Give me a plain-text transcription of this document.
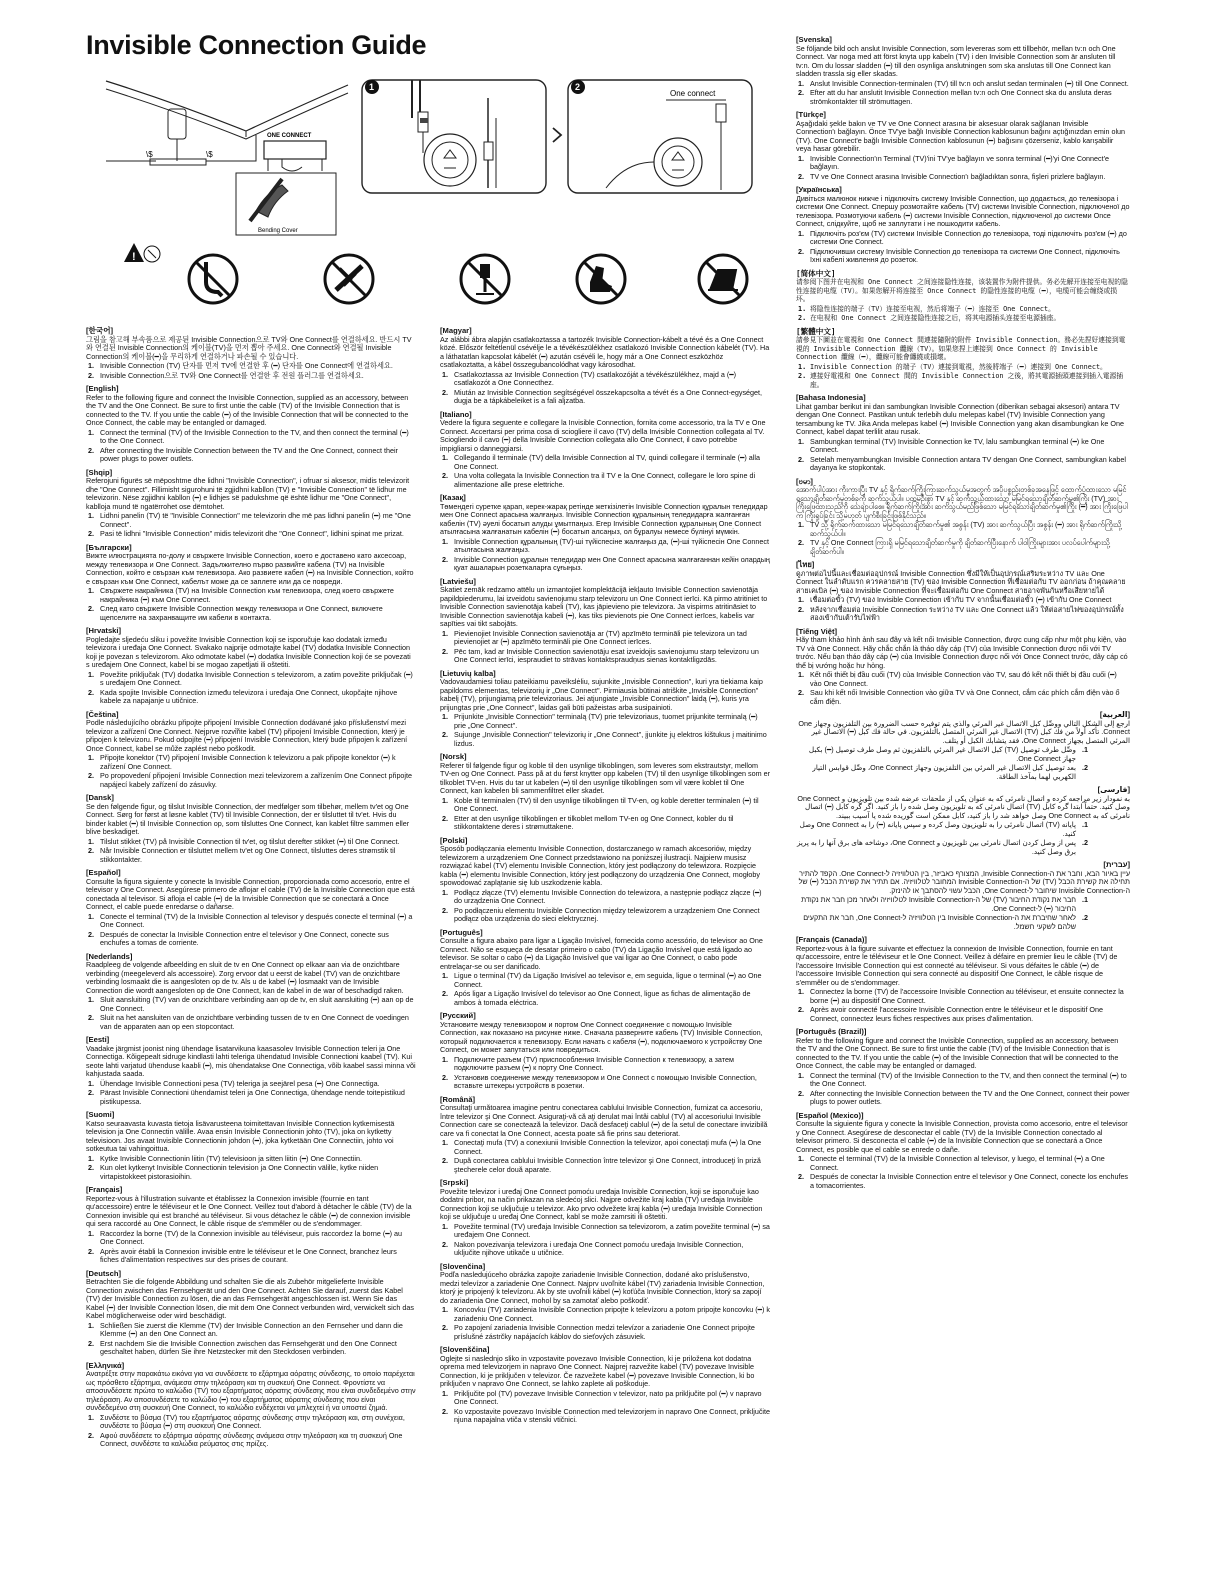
Invisible Connection Guide
\$	\$
ONE CONNECT
Bending Cover
1	2
One connect
!
[한국어]

그림을 참고해 부속품으로 제공된 Invisible Connection으로 TV와 One Connect를 연결하세요. 반드시 TV와 연결된 Invisible Connection의 케이블(TV)을 먼저 뽑아 주세요. One Connect와 연결될 Invisible Connection의 케이블(━)을 무리하게 연결하거나 파손될 수 있습니다.

1. Invisible Connection (TV) 단자를 먼저 TV에 연결한 후 (━) 단자를 One Connect에 연결하세요.
2. Invisible Connection으로 TV와 One Connect를 연결한 후 전원 플러그를 연결하세요.
[English]

Refer to the following figure and connect the Invisible Connection, supplied as an accessory, between the TV and the One Connect. Be sure to first untie the cable (TV) of the Invisible Connection that is connected to the TV. If you untie the cable (━) of the Invisible Connection that will be connected to the Once Connect, the cable may be entangled or damaged.

1. Connect the terminal (TV) of the Invisible Connection to the TV, and then connect the terminal (━) to the One Connect.
2. After connecting the Invisible Connection between the TV and the One Connect, connect their power plugs to power outlets.
[Shqip]

Referojuni figurës së mëposhtme dhe lidhni "Invisible Connection", i ofruar si aksesor, midis televizorit dhe "One Connect". Fillimisht sigurohuni të zgjidhni kabllon (TV) e "Invisible Connection" të lidhur me televizorin. Nëse zgjidhni kabllon (━) e lidhjes së padukshme që është lidhur me "One Connect", kablloja mund të ngatërrohet ose dëmtohet.

1. Lidhni panelin (TV) të "Invisible Connection" me televizorin dhe më pas lidhni panelin (━) me "One Connect".
2. Pasi të lidhni "Invisible Connection" midis televizorit dhe "One Connect", lidhini spinat me prizat.
[Български]

Вижте илюстрацията по-долу и свържете Invisible Connection, което е доставено като аксесоар, между телевизора и One Connect. Задължително първо развийте кабела (TV) на Invisible Connection, който е свързан към телевизора. Ако развиете кабел (━) на Invisible Connection, който е свързан към One Connect, кабелът може да се заплете или да се повреди.

1. Свържете накрайника (TV) на Invisible Connection към телевизора, след което свържете накрайника (━) към One Connect.
2. След като свържете Invisible Connection между телевизора и One Connect, включете щепселите на захранващите им кабели в контакта.
[Hrvatski]

Pogledajte sljedeću sliku i povežite Invisible Connection koji se isporučuje kao dodatak između televizora i uređaja One Connect. Svakako najprije odmotajte kabel (TV) dodatka Invisible Connection koji je povezan s televizorom. Ako odmotate kabel (━) dodatka Invisible Connection koji će se povezati s uređajem One Connect, kabel bi se mogao zapetljati ili oštetiti.

1. Povežite priključak (TV) dodatka Invisible Connection s televizorom, a zatim povežite priključak (━) s uređajem One Connect.
2. Kada spojite Invisible Connection između televizora i uređaja One Connect, ukopčajte njihove kabele za napajanje u utičnice.
[Čeština]

Podle následujícího obrázku připojte připojení Invisible Connection dodávané jako příslušenství mezi televizor a zařízení One Connect. Nejprve rozvi̇̃ňte kabel (TV) připojení Invisible Connection, který je připojen k televizoru. Pokud odpojíte (━) připojení Invisible Connection, který bude připojen k zařízení Once Connect, kabel se může zaplést nebo poškodit.

1. Připojte konektor (TV) připojení Invisible Connection k televizoru a pak připojte konektor (━) k zařízení One Connect.
2. Po propovedení připojení Invisible Connection mezi televizorem a zařízením One Connect připojte napájecí kabely zařízení do zásuvky.
[Dansk]

Se den følgende figur, og tilslut Invisible Connection, der medfølger som tilbehør, mellem tv'et og One Connect. Sørg for først at løsne kablet (TV) til Invisible Connection, der er tilsluttet til tv'et. Hvis du binder kablet (━) til Invisible Connection op, som tilsluttes One Connect, kan kablet filtre sammen eller blive beskadiget.

1. Tilslut stikket (TV) på Invisible Connection til tv'et, og tilslut derefter stikket (━) til One Connect.
2. Når Invisible Connection er tilsluttet mellem tv'et og One Connect, tilsluttes deres strømstik til stikkontakter.
[Español]

Consulte la figura siguiente y conecte la Invisible Connection, proporcionada como accesorio, entre el televisor y One Connect. Asegúrese primero de aflojar el cable (TV) de la Invisible Connection que está conectada al televisor. Si afloja el cable (━) de la Invisible Connection que se conectará a Once Connect, el cable puede enredarse o dañarse.

1. Conecte el terminal (TV) de la Invisible Connection al televisor y después conecte el terminal (━) a One Connect.
2. Después de conectar la Invisible Connection entre el televisor y One Connect, conecte sus enchufes a tomas de corriente.
[Nederlands]

Raadpleeg de volgende afbeelding en sluit de tv en One Connect op elkaar aan via de onzichtbare verbinding (meegeleverd als accessoire). Zorg ervoor dat u eerst de kabel (TV) van de onzichtbare verbinding losmaakt die is aangesloten op de tv. Als u de kabel (━) losmaakt van de Invisible Connection die wordt aangesloten op de One Connect, kan de kabel in de war of beschadigd raken.

1. Sluit aansluiting (TV) van de onzichtbare verbinding aan op de tv, en sluit aansluiting (━) aan op de One Connect.
2. Sluit na het aansluiten van de onzichtbare verbinding tussen de tv en One Connect de voedingen van de apparaten aan op een stopcontact.
[Eesti]

Vaadake järgmist joonist ning ühendage lisatarvikuna kaasasolev Invisible Connection teleri ja One Connectiga. Kõigepealt sidruge kindlasti lahti teleriga ühendatud Invisible Connectioni kaabel (TV). Kui seote lahti varjatud ühenduse kaabli (━), mis ühendatakse One Connectiga, võib kaabel sassi minna või kahjustada saada.

1. Ühendage Invisible Connectioni pesa (TV) teleriga ja seejärel pesa (━) One Connectiga.
2. Pärast Invisible Connectioni ühendamist teleri ja One Connectiga, ühendage nende toitepistikud pistikupessa.
[Suomi]

Katso seuraavasta kuvasta tietoja lisävarusteena toimitettavan Invisible Connection kytkemisestä television ja One Connectin välille. Avaa ensin Invisible Connectionin johto (TV), joka on kytketty televisioon. Jos avaat Invisible Connectionin johdon (━), joka kytketään One Connectiin, johto voi sotkeutua tai vahingoittua.

1. Kytke Invisible Connectionin liitin (TV) televisioon ja sitten liitin (━) One Connectiin.
2. Kun olet kytkenyt Invisible Connectionin television ja One Connectin välille, kytke niiden virtapistokkeet pistorasioihin.
[Français]

Reportez-vous à l'illustration suivante et établissez la Connexion invisible (fournie en tant qu'accessoire) entre le téléviseur et le One Connect. Veillez tout d'abord à détacher le câble (TV) de la Connexion invisible qui est branché au téléviseur. Si vous détachez le câble (━) de connexion invisible qui sera raccordé au One Connect, le câble risque de s'emmêler ou de s'endommager.

1. Raccordez la borne (TV) de la Connexion invisible au téléviseur, puis raccordez la borne (━) au One Connect.
2. Après avoir établi la Connexion invisible entre le téléviseur et le One Connect, branchez leurs fiches d'alimentation respectives sur des prises de courant.
[Deutsch]

Betrachten Sie die folgende Abbildung und schalten Sie die als Zubehör mitgelieferte Invisible Connection zwischen das Fernsehgerät und den One Connect. Achten Sie darauf, zuerst das Kabel (TV) der Invisible Connection zu lösen, die an das Fernsehgerät angeschlossen ist. Wenn Sie das Kabel (━) der Invisible Connection lösen, die mit dem One Connect verbunden wird, verwickelt sich das Kabel möglicherweise oder wird beschädigt.

1. Schließen Sie zuerst die Klemme (TV) der Invisible Connection an den Fernseher und dann die Klemme (━) an den One Connect an.
2. Erst nachdem Sie die Invisible Connection zwischen das Fernsehgerät und den One Connect geschaltet haben, dürfen Sie ihre Netzstecker mit den Steckdosen verbinden.
[Ελληνικά]

Ανατρέξτε στην παρακάτω εικόνα για να συνδέσετε το εξάρτημα αόρατης σύνδεσης, το οποίο παρέχεται ως πρόσθετο εξάρτημα, ανάμεσα στην τηλεόραση και τη συσκευή One Connect. Φροντίστε να αποσυνδέσετε πρώτα το καλώδιο (TV) του εξαρτήματος αόρατης σύνδεσης που είναι συνδεδεμένο στην τηλεόραση. Αν αποσυνδέσετε το καλώδιο (━) του εξαρτήματος αόρατης σύνδεσης που είναι συνδεδεμένο στη συσκευή One Connect, το καλώδιο ενδέχεται να μπλεχτεί ή να υποστεί ζημιά.

1. Συνδέστε το βύσμα (TV) του εξαρτήματος αόρατης σύνδεσης στην τηλεόραση και, στη συνέχεια, συνδέστε το βύσμα (━) στη συσκευή One Connect.
2. Αφού συνδέσετε το εξάρτημα αόρατης σύνδεσης ανάμεσα στην τηλεόραση και τη συσκευή One Connect, συνδέστε τα καλώδια ρεύματος στις πρίζες.
[Magyar]

Az alábbi ábra alapján csatlakoztassa a tartozék Invisible Connection-kábelt a tévé és a One Connect közé. Először feltétlenül csévélje le a tévékészülékhez csatlakozó Invisible Connection kábelét (TV). Ha a láthatatlan kapcsolat kábelét (━) azután csévéli le, hogy már a One Connect eszközhöz csatlakoztatta, a kábel összegubancolódhat vagy károsodhat.

1. Csatlakoztassa az Invisible Connection (TV) csatlakozóját a tévékészülékhez, majd a (━) csatlakozót a One Connecthez.
2. Miután az Invisible Connection segítségével összekapcsolta a tévét és a One Connect-egységet, dugja be a tápkábeleiket is a fali aljzatba.
[Italiano]

Vedere la figura seguente e collegare la Invisible Connection, fornita come accessorio, tra la TV e One Connect. Accertarsi per prima cosa di sciogliere il cavo (TV) della Invisible Connection collegata al TV. Sciogliendo il cavo (━) della Invisible Connection collegata allo One Connect, il cavo potrebbe impigliarsi o danneggiarsi.

1. Collegando il terminale (TV) della Invisible Connection al TV, quindi collegare il terminale (━) alla One Connect.
2. Una volta collegata la Invisible Connection tra il TV e la One Connect, collegare le loro spine di alimentazione alle prese elettriche.
[Казақ]

Төмендегі суретке қарап, керек-жарақ ретінде жеткізілетін Invisible Connection құралын теледидар мен One Connect арасына жалғаңыз. Invisible Connection құралының теледидарға жалғанған кабелін (TV) әуелі босатып алуды ұмытпаңыз. Егер Invisible Connection құралының One Connect атылғасына жалғанатын кабелін (━) босатып алсаңыз, ол бұралуы немесе бүлінуі мүмкін.

1. Invisible Connection құралының (TV)-ші түйіспесіне жалғаңыз да, (━)-ші түйіспесін One Connect атылғасына жалғаңыз.
2. Invisible Connection құралын теледидар мен One Connect арасына жалғағаннан кейін олардың қуат ашаларын розеткаларға сұғыңыз.
[Latviešu]

Skatiet zemāk redzamo attēlu un izmantojiet komplektācijā iekļauto Invisible Connection savienotāja papildpiederumu, lai izveidotu savienojumu starp televizoru un One Connect ierīci. Kā pirmo atritiniet to Invisible Connection savienotāja kabeli (TV), kas jāpievieno pie televizora. Ja vispirms atritināsiet to Invisible Connection savienotāja kabeli (━), kas tiks pievienots pie One Connect ierīces, kabelis var sapīties vai tikt sabojāts.

1. Pievienojiet Invisible Connection savienotāja ar (TV) apzīmēto termināli pie televizora un tad pievienojiet ar (━) apzīmēto termināli pie One Connect ierīces.
2. Pēc tam, kad ar Invisible Connection savienotāju esat izveidojis savienojumu starp televizoru un One Connect ierīci, iespraudiet to strāvas kontaktspraudņus sienas kontaktligzdās.
[Lietuvių kalba]

Vadovaudamiesi toliau pateikiamu paveikslėliu, sujunkite „Invisible Connection", kuri yra tiekiama kaip papildoms elementas, televizorių ir „One Connect". Pirmiausia būtinai atriškite „Invisible Connection" kabelį (TV), prijungiamą prie televizoriaus. Jei atjungiate „Invisible Connection" laidą (━), kuris yra prijungtas prie „One Connect", laidas gali būti pažeistas arba susipainioti.

1. Prijunkite „Invisible Connection" terminalą (TV) prie televizoriaus, tuomet prijunkite terminalą (━) prie „One Connect".
2. Sujunge „Invisible Connection" televizorių ir „One Connect", įjunkite jų elektros kištukus į maitinimo lizdus.
[Norsk]

Referer til følgende figur og koble til den usynlige tilkoblingen, som leveres som ekstrautstyr, mellom TV-en og One Connect. Pass på at du først knytter opp kabelen (TV) til den usynlige tilkoblingen som er tilkoblet TV-en. Hvis du tar ut kabelen (━) til den usynlige tilkoblingen som vil være koblet til One Connect, kan kabelen bli sammenfiltret eller skadet.

1. Koble til terminalen (TV) til den usynlige tilkoblingen til TV-en, og koble deretter terminalen (━) til One Connect.
2. Etter at den usynlige tilkoblingen er tilkoblet mellom TV-en og One Connect, kobler du til stikkontaktene deres i strømuttakene.
[Polski]

Sposób podłączania elementu Invisible Connection, dostarczanego w ramach akcesoriów, między telewizorem a urządzeniem One Connect przedstawiono na poniższej ilustracji. Najpierw musisz rozwiązać kabel (TV) elementu Invisible Connection, który jest podłączony do telewizora. Rozpięcie kabla (━) elementu Invisible Connection, który jest podłączony do urządzenia One Connect, mogłoby spowodować zaplątanie się lub uszkodzenie kabla.

1. Podłącz złącze (TV) elementu Invisible Connection do telewizora, a następnie podłącz złącze (━) do urządzenia One Connect.
2. Po podłączeniu elementu Invisible Connection między telewizorem a urządzeniem One Connect podłącz oba urządzenia do sieci elektrycznej.
[Português]

Consulte a figura abaixo para ligar a Ligação Invisível, fornecida como acessório, do televisor ao One Connect. Não se esqueça de desatar primeiro o cabo (TV) da Ligação Invisível que está ligado ao televisor. Se soltar o cabo (━) da Ligação Invisível que vai ligar ao One Connect, o cabo pode entrelaçar-se ou ser danificado.

1. Ligue o terminal (TV) da Ligação Invisível ao televisor e, em seguida, ligue o terminal (━) ao One Connect.
2. Após ligar a Ligação Invisível do televisor ao One Connect, ligue as fichas de alimentação de ambos à tomada eléctrica.
[Русский]

Установите между телевизором и портом One Connect соединение с помощью Invisible Connection, как показано на рисунке ниже. Сначала разверните кабель (TV) Invisible Connection, который подключается к телевизору. Если начать с кабеля (━), подключаемого к устройству One Connect, он может запутаться или повредиться.

1. Подключите разъем (TV) приспособления Invisible Connection к телевизору, а затем подключите разъем (━) к порту One Connect.
2. Установив соединение между телевизором и One Connect с помощью Invisible Connection, вставьте штекеры устройств в розетки.
[Română]

Consultaţi următoarea imagine pentru conectarea cablului Invisible Connection, furnizat ca accesoriu, între televizor şi One Connect. Asiguraţi-vă că aţi derulat mai întâi cablul (TV) al accesoriului Invisible Connection care se conectează la televizor. Dacă desfaceţi cablul (━) de la setul de conectare invizibilă care va fi conectat la One Connect, acesta poate să fie prins sau deteriorat.

1. Conectaţi mufa (TV) a conexiunii Invisible Connection la televizor, apoi conectaţi mufa (━) la One Connect.
2. După conectarea cablului Invisible Connection între televizor şi One Connect, introduceţi în priză ştecherele celor două aparate.
[Srpski]

Povežite televizor i uređaj One Connect pomoću uređaja Invisible Connection, koji se isporučuje kao dodatni pribor, na način prikazan na sledećoj slici. Najpre odvežite kraj kabla (TV) uređaja Invisible Connection koji se uključuje u televizor. Ako prvo odvežete kraj kabla (━) uređaja Invisible Connection koji se uključuje u uređaj One Connect, kabl se može zamrsiti ili oštetiti.

1. Povežite terminal (TV) uređaja Invisible Connection sa televizorom, a zatim povežite terminal (━) sa uređajem One Connect.
2. Nakon povezivanja televizora i uređaja One Connect pomoću uređaja Invisible Connection, uključite njihove utikače u utičnice.
[Slovenčina]

Podľa nasledujúceho obrázka zapojte zariadenie Invisible Connection, dodané ako príslušenstvo, medzi televízor a zariadenie One Connect. Najprv uvoľnite kábel (TV) zariadenia Invisible Connection, ktorý je pripojený k televízoru. Ak by ste uvoľnili kábel (━) koťúča Invisible Connection, ktorý sa zapojí do zariadenia One Connect, mohol by sa zamotať alebo poškodiť.

1. Koncovku (TV) zariadenia Invisible Connection pripojte k televízoru a potom pripojte koncovku (━) k zariadeniu One Connect.
2. Po zapojení zariadenia Invisible Connection medzi televízor a zariadenie One Connect pripojte príslušné zástrčky napájacích káblov do sieťových zásuviek.
[Slovenščina]

Oglejte si naslednjo sliko in vzpostavite povezavo Invisible Connection, ki je priložena kot dodatna oprema med televizorjem in napravo One Connect. Najprej razvežite kabel (TV) povezave Invisible Connection, ki je priključen v televizor. Če razvežete kabel (━) povezave Invisible Connection, ki bo priključen v napravo One Connect, se lahko zaplete ali poškoduje.

1. Priključite pol (TV) povezave Invisible Connection v televizor, nato pa priključite pol (━) v napravo One Connect.
2. Ko vzpostavite povezavo Invisible Connection med televizorjem in napravo One Connect, priključite njuna napajalna vtiča v stenski vtičnici.
[Svenska]

Se följande bild och anslut Invisible Connection, som levereras som ett tillbehör, mellan tv:n och One Connect. Var noga med att först knyta upp kabeln (TV) i den Invisible Connection som är ansluten till tv:n. Om du lossar sladden (━) till den osynliga anslutningen som ska anslutas till One Connect kan sladden trassla sig eller skadas.

1. Anslut Invisible Connection-terminalen (TV) till tv:n och anslut sedan terminalen (━) till One Connect.
2. Efter att du har anslutit Invisible Connection mellan tv:n och One Connect ska du ansluta deras strömkontakter till strömuttagen.
[Türkçe]

Aşağıdaki şekle bakın ve TV ve One Connect arasına bir aksesuar olarak sağlanan Invisible Connection'ı bağlayın. Önce TV'ye bağlı Invisible Connection kablosunun bağını açtığınızdan emin olun (TV). One Connect'e bağlı Invisible Connection kablosunun (━) bağısını çözerseniz, kablo karışabilir veya hasar görebilir.

1. Invisible Connection'ın Terminal (TV)'ini TV'ye bağlayın ve sonra terminal (━)'yi One Connect'e bağlayın.
2. TV ve One Connect arasına Invisible Connection'ı bağladıktan sonra, fişleri prizlere bağlayın.
[Українська]

Дивіться малюнок нижче і підключіть систему Invisible Connection, що додається, до телевізора і системи One Connect. Спершу розмотайте кабель (TV) системи Invisible Connection, підключеної до телевізора. Розмотуючи кабель (━) системи Invisible Connection, підключеної до системи Once Connect, слідкуйте, щоб не заплутати і не пошкодити кабель.

1. Підключіть роз'єм (TV) системи Invisible Connection до телевізора, тоді підключіть роз'єм (━) до системи One Connect.
2. Підключивши систему Invisible Connection до телевізора та системи One Connect, підключіть їхні кабелі живлення до розеток.
[简体中文]

请参阅下图并在电视和 One Connect 之间连接隐性连接，该装置作为附件提供。务必先解开连接至电视的隐性连接的电缆（TV）。如果您解开将连接至 Once Connect 的隐性连接的电缆（━），电缆可能会缠绕或损坏。

1. 将隐性连接的端子（TV）连接至电视，然后将端子（━）连接至 One Connect。
2. 在电视和 One Connect 之间连接隐性连接之后，将其电源插头连接至电源插座。
[繁體中文]

請參見下圖並在電視和 One Connect 間連接隨附的附件 Invisible Connection。務必先捏好連接到電視的 Invisible Connection 纜線（TV）。如果您捏上連接到 Once Connect 的 Invisible Connection 纜線（━），纜線可能會纏繞或損壞。

1. Invisible Connection 的端子（TV）連接到電視，然後將端子（━）連接到 One Connect。
2. 連接好電視和 One Connect 間的 Invisible Connection 之後，將其電源插頭連接到插入電源插座。
[Bahasa Indonesia]

Lihat gambar berikut ini dan sambungkan Invisible Connection (diberikan sebagai aksesori) antara TV dengan One Connect. Pastikan untuk terlebih dulu melepas kabel (TV) Invisible Connection yang tersambung ke TV. Jika Anda melepas kabel (━) Invisible Connection yang akan disambungkan ke One Connect, kabel dapat terlilit atau rusak.

1. Sambungkan terminal (TV) Invisible Connection ke TV, lalu sambungkan terminal (━) ke One Connect.
2. Setelah menyambungkan Invisible Connection antara TV dengan One Connect, sambungkan kabel dayanya ke stopkontak.
[ဗမာ]

အောက်ပါပုံအား ကိုးကားပြီး TV နှင့် ရိုက်ဆက်ကြိုးကြားဆက်သွယ်မှုအတွက် အပိုပစ္စည်းတစ်ခုအနေဖြင့် ထောက်ပံ့ထားသော မမြင်ရသောချိတ်ဆက်မှုတစ်ခုကို ဆက်သွယ်ပါ။ ပထမဦးစွာ TV နှင့် ဆက်သွယ်ထားသော မမြင်ရသောချိတ်ဆက်မှု၏ကြိုး (TV) အား ကြိုးဖြေထားသည်ကို သေချာပါစေ။ ရိုက်ဆက်ကြိုးအား ဆက်သွယ်မည်ဖြစ်သော မမြင်ရသောချိတ်ဆက်မှု၏ကြိုး (━) အား ကြိုးဖြေပါက ကြိုးရှုပ်ခြင်း သို့မဟုတ် ပျက်စီးခြင်းဖြစ်နိုင်သည်။

1. TV သို့ ရိုက်ဆက်ထားသော မမြင်ရသောချိတ်ဆက်မှု၏ အစွန်း (TV) အား ဆက်သွယ်ပြီး အစွန်း (━) အား ရိုက်ဆက်ကြိုးသို့ ဆက်သွယ်ပါ။
2. TV နှင့် One Connect ကြားရှိ မမြင်ရသောချိတ်ဆက်မှုကို ချိတ်ဆက်ပြီးနောက် ပါဝါကြိုးများအား ပလပ်ပေါက်များသို့ ချိတ်ဆက်ပါ။
[ไทย]

ดูภาพต่อไปนี้และเชื่อมต่ออุปกรณ์ Invisible Connection ซึ่งมีให้เป็นอุปกรณ์เสริมระหว่าง TV และ One Connect ในลำดับแรก ควรคลายสาย (TV) ของ Invisible Connection ที่เชื่อมต่อกับ TV ออกก่อน ถ้าคุณคลายสายเคเบิล (━) ของ Invisible Connection ที่จะเชื่อมต่อกับ One Connect สายอาจพันกันหรือเสียหายได้

1. เชื่อมต่อขั้ว (TV) ของ Invisible Connection เข้ากับ TV จากนั้นเชื่อมต่อขั้ว (━) เข้ากับ One Connect
2. หลังจากเชื่อมต่อ Invisible Connection ระหว่าง TV และ One Connect แล้ว ให้ต่อสายไฟของอุปกรณ์ทั้งสองเข้ากับเต้ารับไฟฟ้า
[Tiếng Việt]

Hãy tham khảo hình ảnh sau đây và kết nối Invisible Connection, được cung cấp như một phụ kiện, vào TV và One Connect. Hãy chắc chắn là tháo dây cáp (TV) của Invisible Connection được nối với TV trước. Nếu bạn tháo dây cáp (━) của Invisible Connection được nối với Once Connect trước, dây cáp có thể bị vướng hoặc hư hỏng.

1. Kết nối thiết bị đầu cuối (TV) của Invisible Connection vào TV, sau đó kết nối thiết bị đầu cuối (━) vào One Connect.
2. Sau khi kết nối Invisible Connection vào giữa TV và One Connect, cắm các phích cắm điện vào ổ cắm điện.
[العربية]

ارجع إلى الشكل التالي ووصِّل كبل الاتصال غير المرئي والذي يتم توفيره حسب الضرورة بين التلفزيون وجهاز One Connect. تأكد أولاً من فك كبل (TV) الاتصال غير المرئي المتصل بالتلفزيون. في حالة فك كبل (━) الاتصال غير المرئي المتصل بجهاز One Connect، فقد يتشابك الكبل أو يتلف.

1.
وصِّل طرف توصيل (TV) كبل الاتصال غير المرئي بالتلفزيون ثم وصل طرف توصيل (━) بكبل جهاز One Connect.
2.
بعد توصيل كبل الاتصال غير المرئي بين التلفزيون وجهاز One Connect، وصِّل قوابس التيار الكهربي لهما بمآخذ الطاقة.
[فارسی]

به نمودار زیر مراجعه کرده و اتصال نامرئی که به عنوان یکی از ملحقات عرضه شده بین تلویزیون و One Connect وصل کنید. حتماً ابتدا گره کابل (TV) اتصال نامرئی که به تلویزیون وصل شده را باز کنید. اگر گره کابل (━) اتصال نامرئی که به One Connect وصل خواهد شد را باز کنید، کابل ممکن است گوریده شده یا آسیب ببیند.

1.
پایانه (TV) اتصال نامرئی را به تلویزیون وصل کرده و سپس پایانه (━) را به One Connect وصل کنید.
2.
پس از وصل کردن اتصال نامرئی بین تلویزیون و One Connect، دوشاخه های برق آنها را به پریز برق وصل کنید.
[עברית]

עיין באיור הבא, וחבר את ה-Invisible Connection, המצורף כאביזר, בין הטלוויזיה ל-One Connect. הקפד להתיר תחילה את קשירת הכבל (TV) של ה-Invisible Connection המחובר לטלוויזיה. אם תתיר את קשירת הכבל (━) של ה-Invisible Connection שיחובר ל-One Connect, הכבל עשוי להסתבך או להינזק.

1.
חבר את נקודת החיבור (TV) של ה-Invisible Connection לטלוויזיה ולאחר מכן חבר את נקודת החיבור (━) ל-One Connect.
2.
לאחר שחיברת את ה-Invisible Connection בין הטלוויזיה ל-One Connect, חבר את התקעים שלהם לשקעי חשמל.
[Français (Canada)]

Reportez-vous à la figure suivante et effectuez la connexion de Invisible Connection, fournie en tant qu'accessoire, entre le téléviseur et le One Connect. Veillez à défaire en premier lieu le câble (TV) de l'accessoire Invisible Connection qui est connecté au téléviseur. Si vous défaites le câble (━) de l'accessoire Invisible Connection qui sera connecté au dispositif One Connect, le câble risque de s'emmêler ou de s'endommager.

1. Connectez la borne (TV) de l'accessoire Invisible Connection au téléviseur, et ensuite connectez la borne (━) au dispositif One Connect.
2. Après avoir connecté l'accessoire Invisible Connection entre le téléviseur et le dispositif One Connect, connectez leurs fiches respectives aux prises d'alimentation.
[Português (Brazil)]

Refer to the following figure and connect the Invisible Connection, supplied as an accessory, between the TV and the One Connect. Be sure to first untie the cable (TV) of the Invisible Connection that is connected to the TV. If you untie the cable (━) of the Invisible Connection that will be connected to the Once Connect, the cable may be entangled or damaged.

1. Connect the terminal (TV) of the Invisible Connection to the TV, and then connect the terminal (━) to the One Connect.
2. After connecting the Invisible Connection between the TV and the One Connect, connect their power plugs to power outlets.
[Español (Mexico)]

Consulte la siguiente figura y conecte la Invisible Connection, provista como accesorio, entre el televisor y One Connect. Asegúrese de desconectar el cable (TV) de la Invisible Connection conectado al televisor primero. Si desconecta el cable (━) de la Invisible Connection que se conectará a Once Connect, es posible que el cable se enrede o dañe.

1. Conecte el terminal (TV) de la Invisible Connection al televisor, y luego, el terminal (━) a One Connect.
2. Después de conectar la Invisible Connection entre el televisor y One Connect, conecte los enchufes a tomacorrientes.
